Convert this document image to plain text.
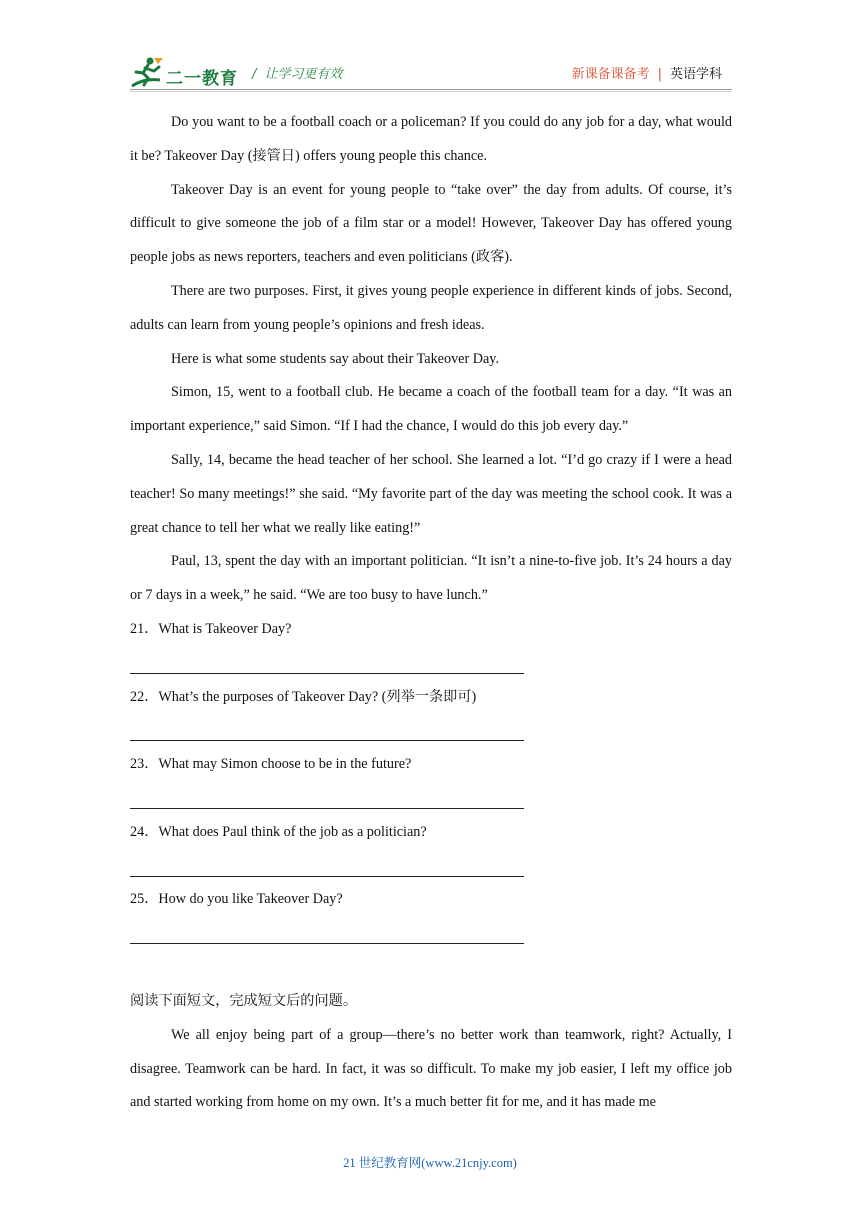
二一教育 / 让学习更有效	新课备课备考 | 英语学科

Do you want to be a football coach or a policeman? If you could do any job for a day, what would it be? Takeover Day (接管日) offers young people this chance.

Takeover Day is an event for young people to “take over” the day from adults. Of course, it’s difficult to give someone the job of a film star or a model! However, Takeover Day has offered young people jobs as news reporters, teachers and even politicians (政客).

There are two purposes. First, it gives young people experience in different kinds of jobs. Second, adults can learn from young people’s opinions and fresh ideas.

Here is what some students say about their Takeover Day.

Simon, 15, went to a football club. He became a coach of the football team for a day. “It was an important experience,” said Simon. “If I had the chance, I would do this job every day.”

Sally, 14, became the head teacher of her school. She learned a lot. “I’d go crazy if I were a head teacher! So many meetings!” she said. “My favorite part of the day was meeting the school cook. It was a great chance to tell her what we really like eating!”

Paul, 13, spent the day with an important politician. “It isn’t a nine-to-five job. It’s 24 hours a day or 7 days in a week,” he said. “We are too busy to have lunch.”

21．What is Takeover Day?

22．What’s the purposes of Takeover Day? (列举一条即可)

23．What may Simon choose to be in the future?

24．What does Paul think of the job as a politician?

25．How do you like Takeover Day?

阅读下面短文，完成短文后的问题。

We all enjoy being part of a group—there’s no better work than teamwork, right? Actually, I disagree. Teamwork can be hard. In fact, it was so difficult. To make my job easier, I left my office job and started working from home on my own. It’s a much better fit for me, and it has made me

21 世纪教育网(www.21cnjy.com)
